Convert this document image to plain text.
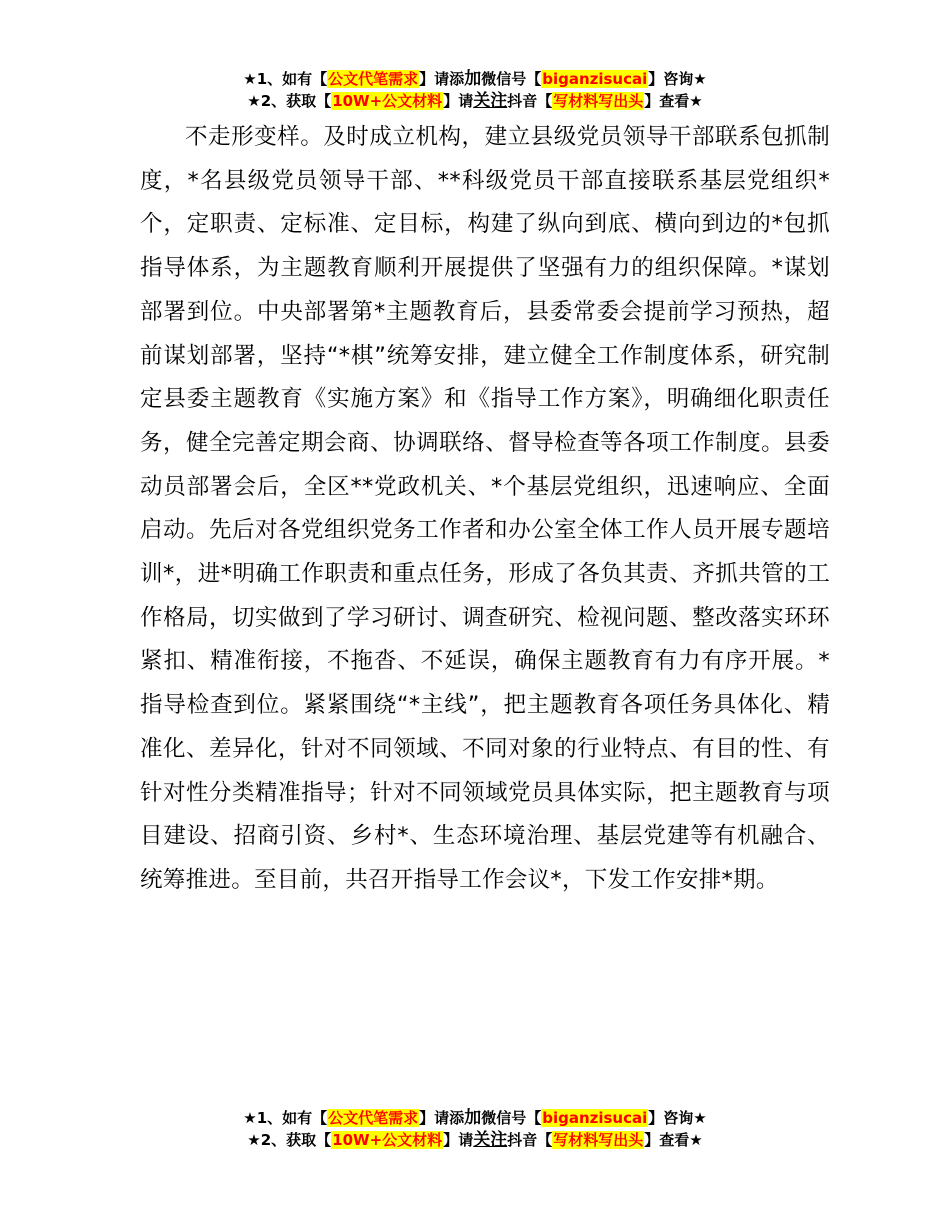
★1、如有【公文代笔需求】请添加微信号【biganzisucai】咨询★
★2、获取【10W+公文材料】请关注抖音【写材料写出头】查看★
不走形变样。及时成立机构，建立县级党员领导干部联系包抓制度，*名县级党员领导干部、**科级党员干部直接联系基层党组织*个，定职责、定标准、定目标，构建了纵向到底、横向到边的*包抓指导体系，为主题教育顺利开展提供了坚强有力的组织保障。*谋划部署到位。中央部署第*主题教育后，县委常委会提前学习预热，超前谋划部署，坚持“*棋”统筹安排，建立健全工作制度体系，研究制定县委主题教育《实施方案》和《指导工作方案》，明确细化职责任务，健全完善定期会商、协调联络、督导检查等各项工作制度。县委动员部署会后，全区**党政机关、*个基层党组织，迅速响应、全面启动。先后对各党组织党务工作者和办公室全体工作人员开展专题培训*，进*明确工作职责和重点任务，形成了各负其责、齐抓共管的工作格局，切实做到了学习研讨、调查研究、检视问题、整改落实环环紧扣、精准衔接，不拖沓、不延误，确保主题教育有力有序开展。*指导检查到位。紧紧围绕“*主线”，把主题教育各项任务具体化、精准化、差异化，针对不同领域、不同对象的行业特点、有目的性、有针对性分类精准指导；针对不同领域党员具体实际，把主题教育与项目建设、招商引资、乡村*、生态环境治理、基层党建等有机融合、统筹推进。至目前，共召开指导工作会议*，下发工作安排*期。
★1、如有【公文代笔需求】请添加微信号【biganzisucai】咨询★
★2、获取【10W+公文材料】请关注抖音【写材料写出头】查看★
